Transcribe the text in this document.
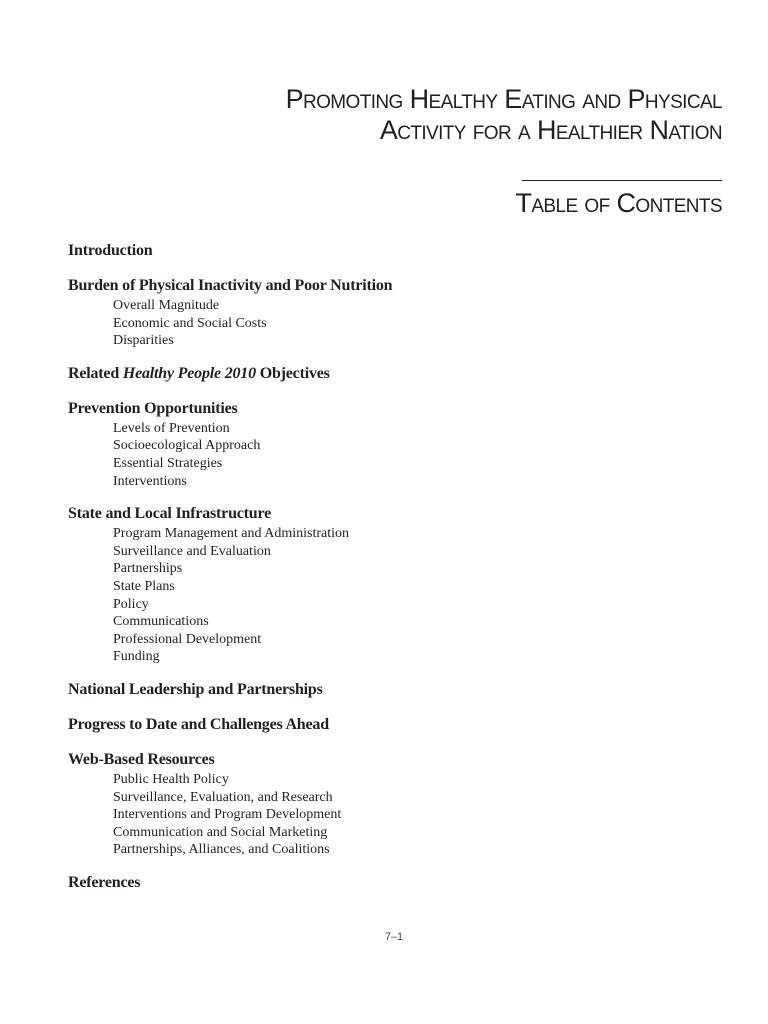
Promoting Healthy Eating and Physical
Activity for a Healthier Nation
Table of Contents
Introduction
Burden of Physical Inactivity and Poor Nutrition
Overall Magnitude
Economic and Social Costs
Disparities
Related Healthy People 2010 Objectives
Prevention Opportunities
Levels of Prevention
Socioecological Approach
Essential Strategies
Interventions
State and Local Infrastructure
Program Management and Administration
Surveillance and Evaluation
Partnerships
State Plans
Policy
Communications
Professional Development
Funding
National Leadership and Partnerships
Progress to Date and Challenges Ahead
Web-Based Resources
Public Health Policy
Surveillance, Evaluation, and Research
Interventions and Program Development
Communication and Social Marketing
Partnerships, Alliances, and Coalitions
References
7–1
